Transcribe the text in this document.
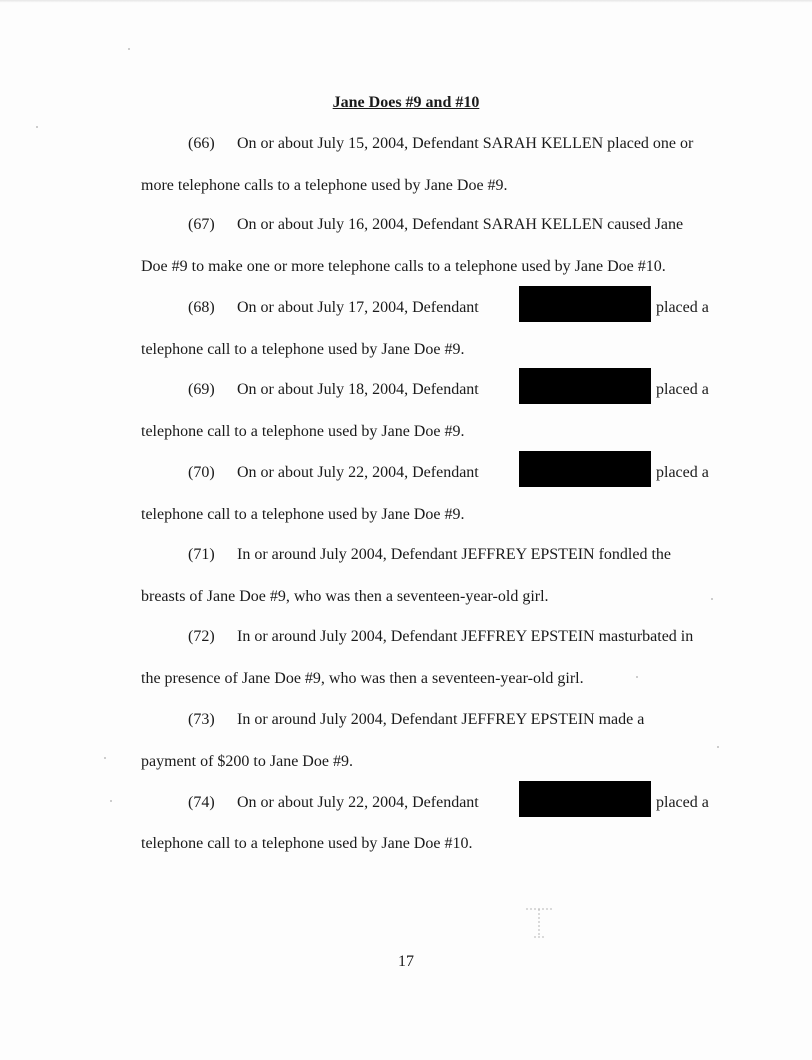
Jane Does #9 and #10
(66) On or about July 15, 2004, Defendant SARAH KELLEN placed one or
more telephone calls to a telephone used by Jane Doe #9.
(67) On or about July 16, 2004, Defendant SARAH KELLEN caused Jane
Doe #9 to make one or more telephone calls to a telephone used by Jane Doe #10.
(68) On or about July 17, 2004, Defendant	placed a
telephone call to a telephone used by Jane Doe #9.
(69) On or about July 18, 2004, Defendant	placed a
telephone call to a telephone used by Jane Doe #9.
(70) On or about July 22, 2004, Defendant	placed a
telephone call to a telephone used by Jane Doe #9.
(71) In or around July 2004, Defendant JEFFREY EPSTEIN fondled the
breasts of Jane Doe #9, who was then a seventeen-year-old girl.
(72) In or around July 2004, Defendant JEFFREY EPSTEIN masturbated in
the presence of Jane Doe #9, who was then a seventeen-year-old girl.
(73) In or around July 2004, Defendant JEFFREY EPSTEIN made a
payment of $200 to Jane Doe #9.
(74) On or about July 22, 2004, Defendant	placed a
telephone call to a telephone used by Jane Doe #10.
17
